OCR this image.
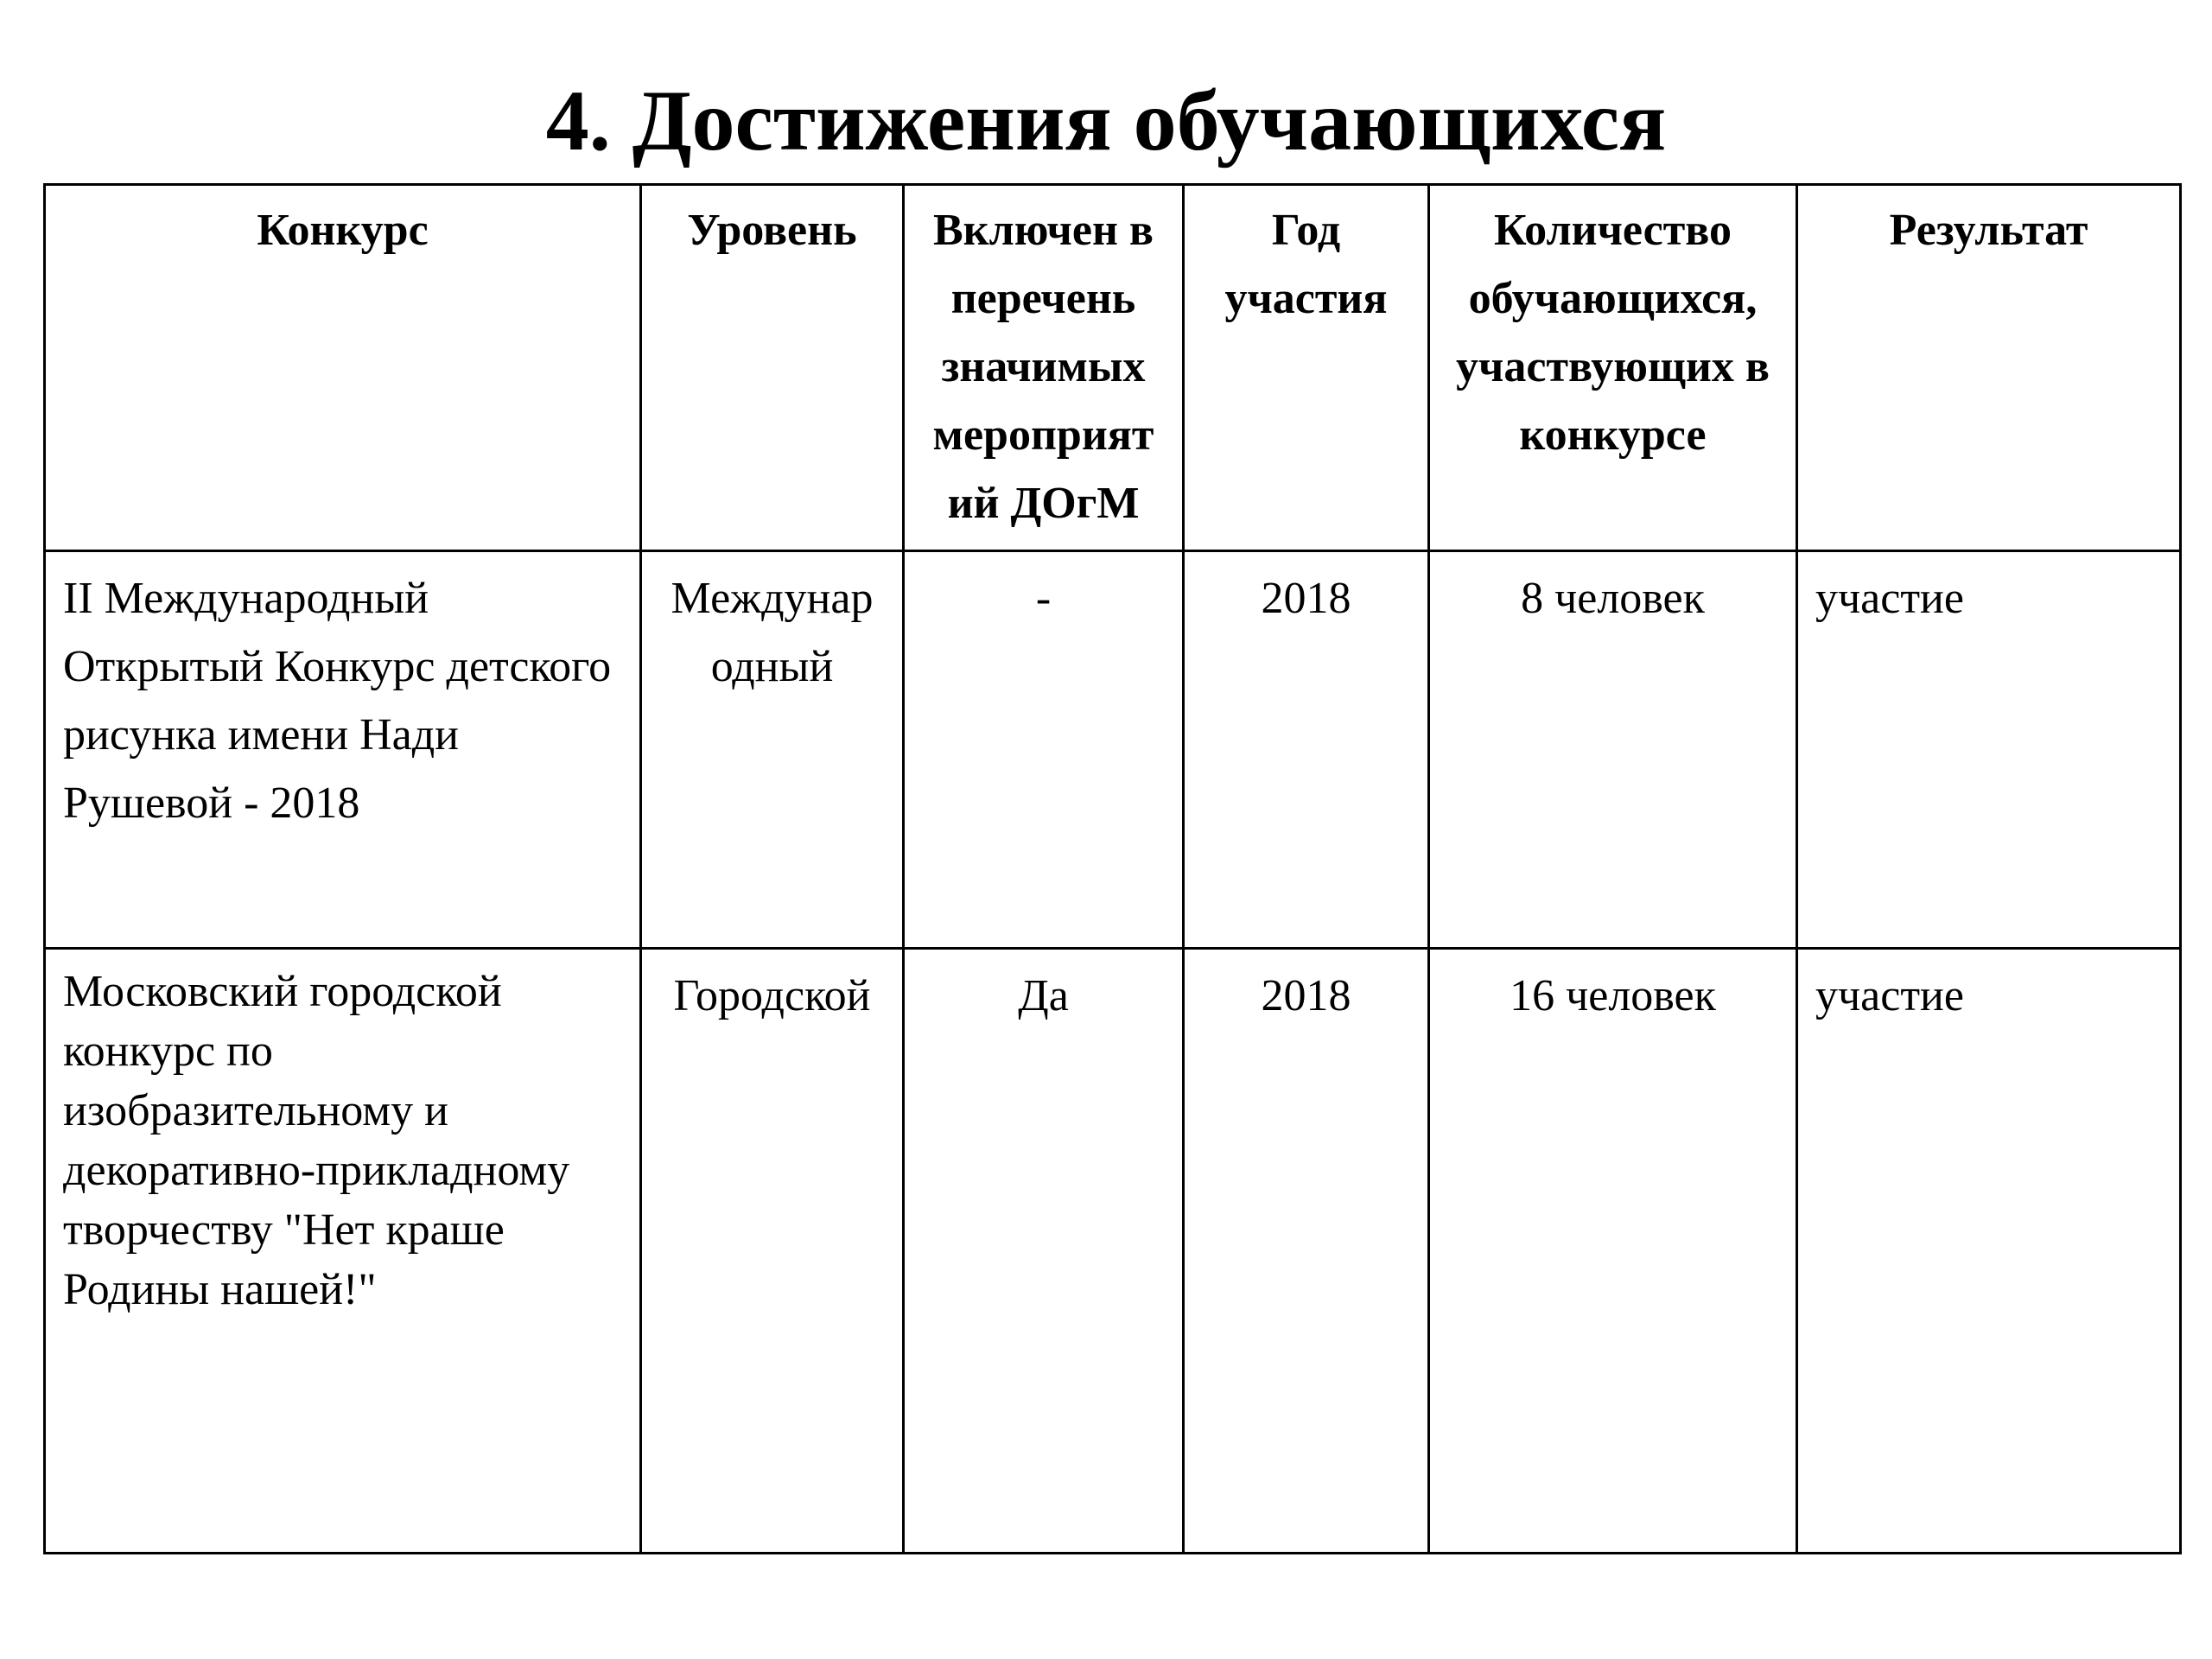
4. Достижения обучающихся
Конкурс	Уровень	Включен в перечень значимых мероприят ий ДОгМ	Год участия	Количество обучающихся, участвующих в конкурсе	Результат
II Международный Открытый Конкурс детского рисунка имени Нади Рушевой - 2018	Междунар одный	-	2018	8 человек	участие
Московский городской конкурс по изобразительному и декоративно-прикладному творчеству "Нет краше Родины нашей!"	Городской	Да	2018	16 человек	участие
